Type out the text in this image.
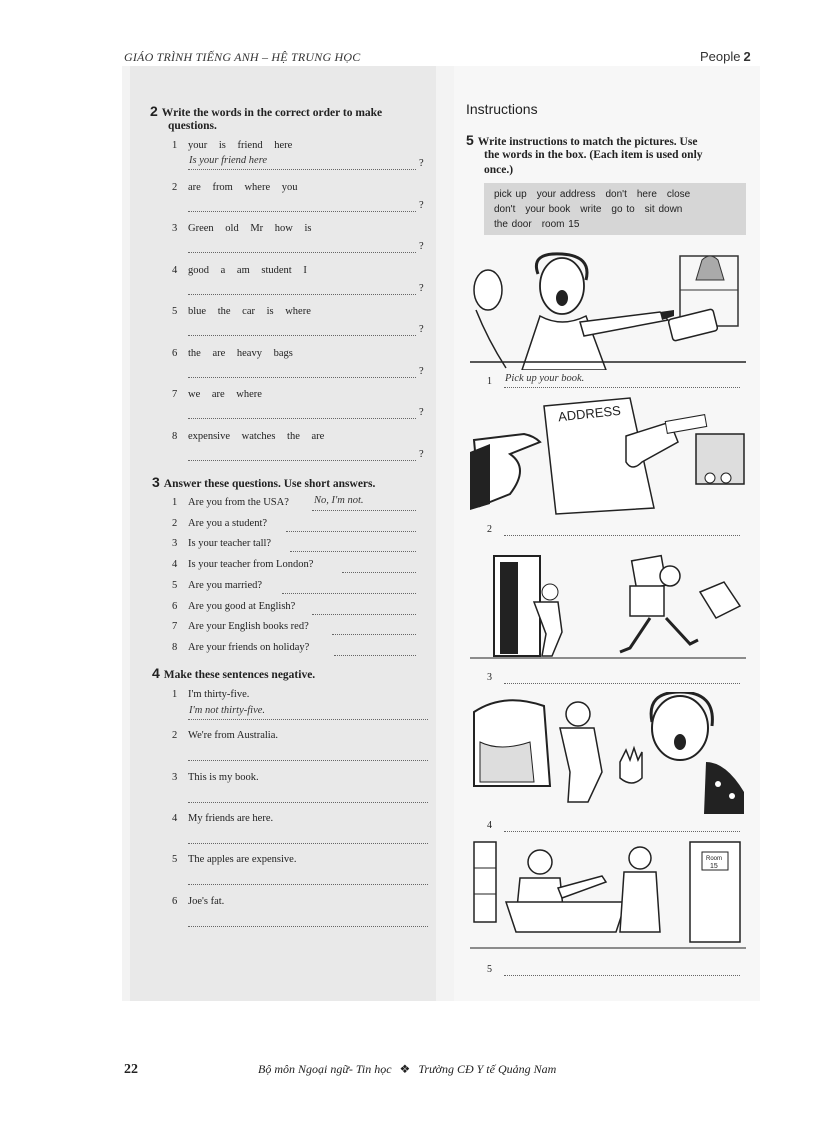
GIÁO TRÌNH TIẾNG ANH – HỆ TRUNG HỌC	People 2
2 Write the words in the correct order to make
questions.
1 your is friend here
?
Is your friend here
2 are from where you
?
3 Green old Mr how is
?
4 good a am student I
?
5 blue the car is where
?
6 the are heavy bags
?
7 we are where
?
8 expensive watches the are
?
3 Answer these questions. Use short answers.
1 Are you from the USA? No, I'm not.
2 Are you a student?
3 Is your teacher tall?
4 Is your teacher from London?
5 Are you married?
6 Are you good at English?
7 Are your English books red?
8 Are your friends on holiday?
4 Make these sentences negative.
1 I'm thirty-five.
I'm not thirty-five.
2 We're from Australia.
3 This is my book.
4 My friends are here.
5 The apples are expensive.
6 Joe's fat.
Instructions
5 Write instructions to match the pictures. Use
the words in the box. (Each item is used only
once.)
pick up your address don't here close
don't your book write go to sit down
the door room 15
1 Pick up your book.
ADDRESS
2
3
4
Room
15
5
22	Bộ môn Ngoại ngữ- Tin học ❖ Trường CĐ Y tế Quảng Nam
